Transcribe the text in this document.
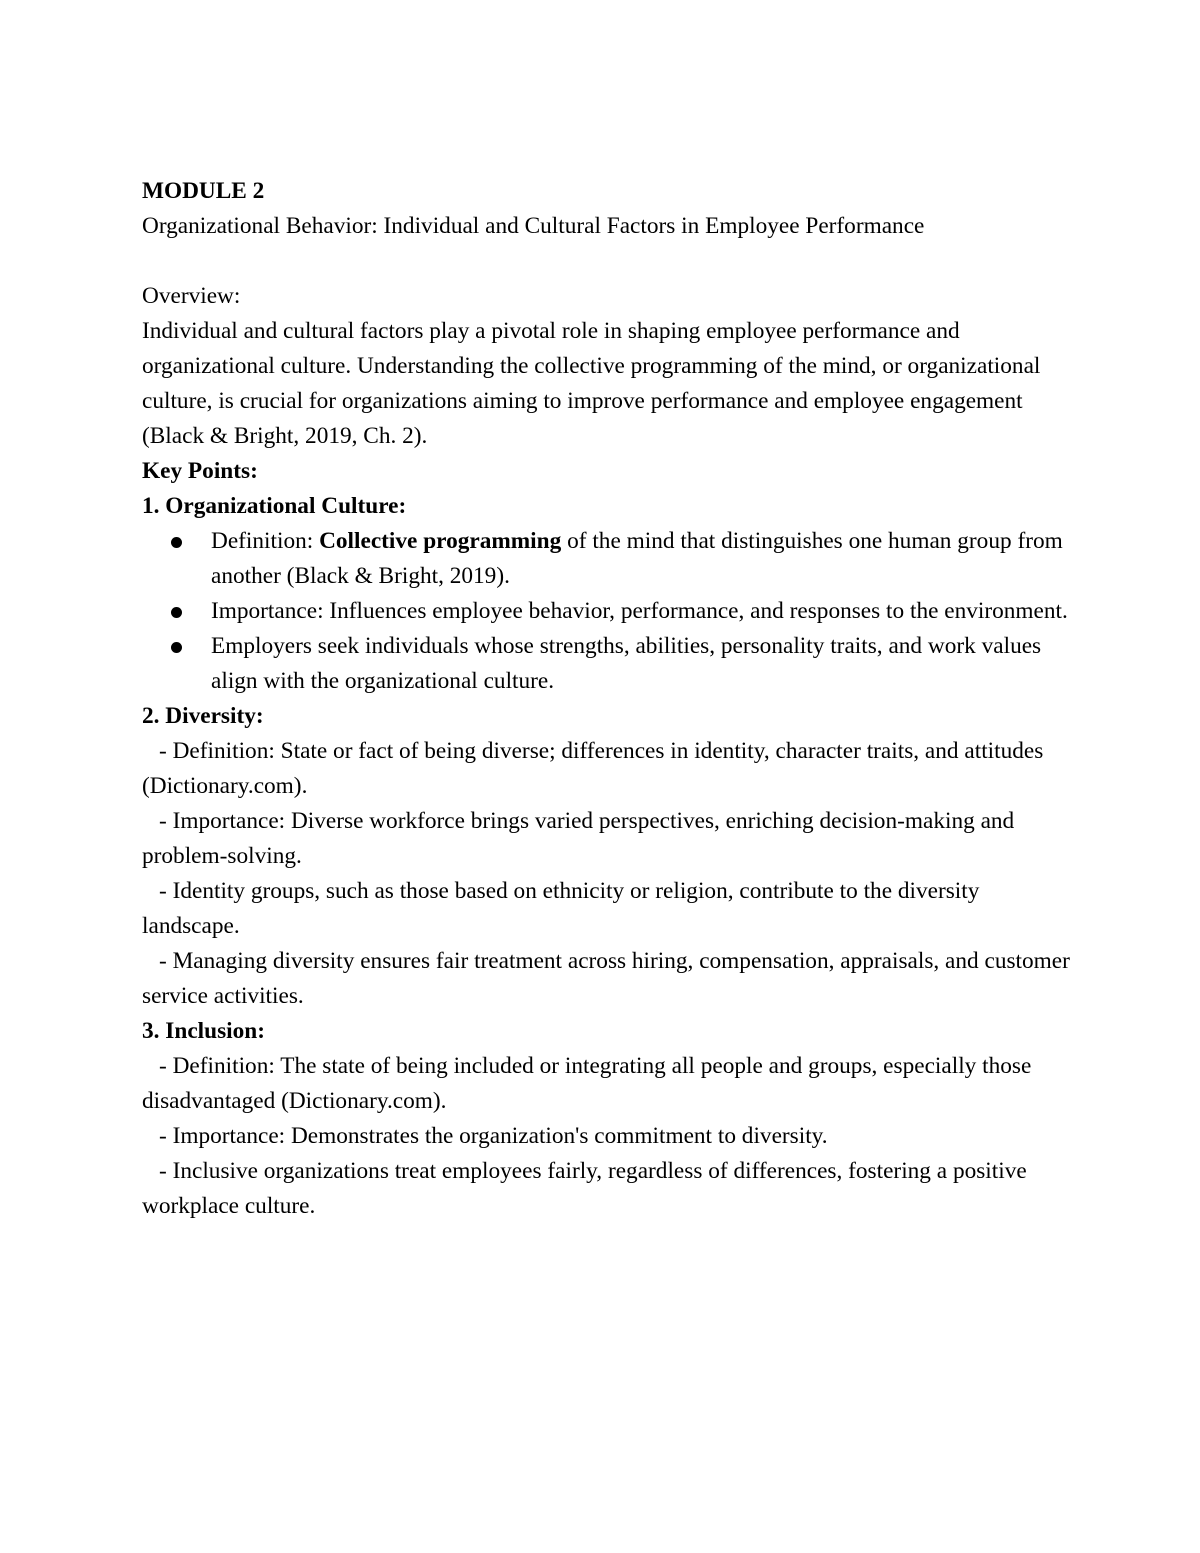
MODULE 2
Organizational Behavior: Individual and Cultural Factors in Employee Performance
Overview:
Individual and cultural factors play a pivotal role in shaping employee performance and organizational culture. Understanding the collective programming of the mind, or organizational culture, is crucial for organizations aiming to improve performance and employee engagement (Black & Bright, 2019, Ch. 2).
Key Points:
1. Organizational Culture:
Definition: Collective programming of the mind that distinguishes one human group from another (Black & Bright, 2019).
Importance: Influences employee behavior, performance, and responses to the environment.
Employers seek individuals whose strengths, abilities, personality traits, and work values align with the organizational culture.
2. Diversity:
- Definition: State or fact of being diverse; differences in identity, character traits, and attitudes (Dictionary.com).
- Importance: Diverse workforce brings varied perspectives, enriching decision-making and problem-solving.
- Identity groups, such as those based on ethnicity or religion, contribute to the diversity landscape.
- Managing diversity ensures fair treatment across hiring, compensation, appraisals, and customer service activities.
3. Inclusion:
- Definition: The state of being included or integrating all people and groups, especially those disadvantaged (Dictionary.com).
- Importance: Demonstrates the organization's commitment to diversity.
- Inclusive organizations treat employees fairly, regardless of differences, fostering a positive workplace culture.
